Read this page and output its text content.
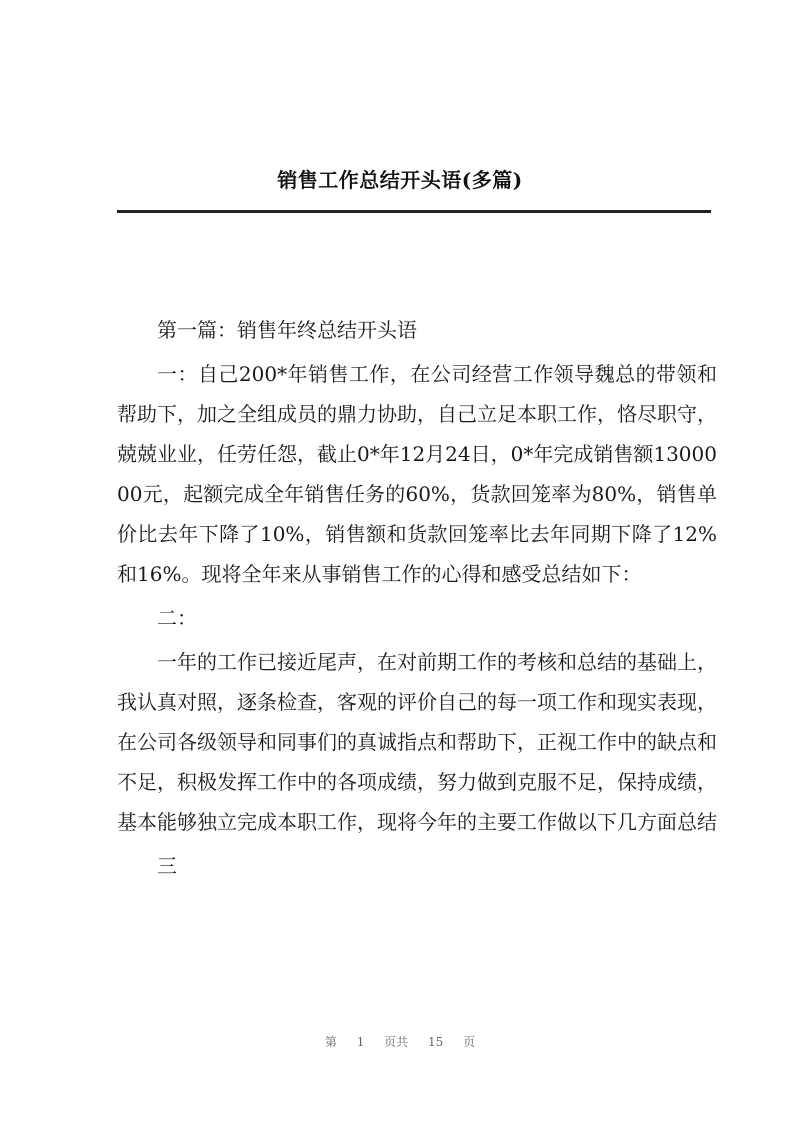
销售工作总结开头语(多篇)

第一篇：销售年终总结开头语

一：自己200*年销售工作，在公司经营工作领导魏总的带领和帮助下，加之全组成员的鼎力协助，自己立足本职工作，恪尽职守，兢兢业业，任劳任怨，截止0*年12月24日，0*年完成销售额1300000元，起额完成全年销售任务的60%，货款回笼率为80%，销售单价比去年下降了10%，销售额和货款回笼率比去年同期下降了12%和16%。现将全年来从事销售工作的心得和感受总结如下：

二：

一年的工作已接近尾声，在对前期工作的考核和总结的基础上，我认真对照，逐条检查，客观的评价自己的每一项工作和现实表现，在公司各级领导和同事们的真诚指点和帮助下，正视工作中的缺点和不足，积极发挥工作中的各项成绩，努力做到克服不足，保持成绩，基本能够独立完成本职工作，现将今年的主要工作做以下几方面总结

三

第 1 页共 15 页
